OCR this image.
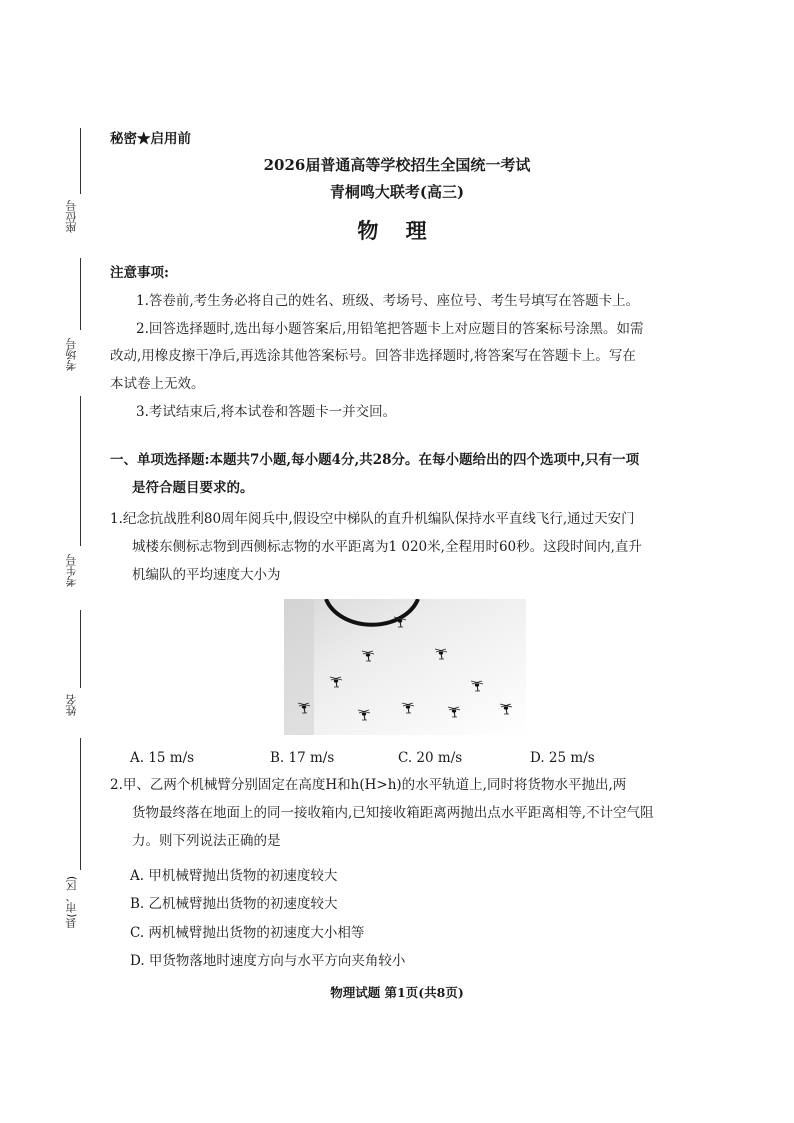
座位号
考场号
考生号
姓名
县(市、区)
秘密★启用前
2026届普通高等学校招生全国统一考试
青桐鸣大联考(高三)
物 理
注意事项:
1.答卷前,考生务必将自己的姓名、班级、考场号、座位号、考生号填写在答题卡上。
2.回答选择题时,选出每小题答案后,用铅笔把答题卡上对应题目的答案标号涂黑。如需
改动,用橡皮擦干净后,再选涂其他答案标号。回答非选择题时,将答案写在答题卡上。写在
本试卷上无效。
3.考试结束后,将本试卷和答题卡一并交回。
一、单项选择题:本题共7小题,每小题4分,共28分。在每小题给出的四个选项中,只有一项
是符合题目要求的。
1.纪念抗战胜利80周年阅兵中,假设空中梯队的直升机编队保持水平直线飞行,通过天安门
城楼东侧标志物到西侧标志物的水平距离为1 020米,全程用时60秒。这段时间内,直升
机编队的平均速度大小为
A. 15 m/s	B. 17 m/s	C. 20 m/s	D. 25 m/s
2.甲、乙两个机械臂分别固定在高度H和h(H>h)的水平轨道上,同时将货物水平抛出,两
货物最终落在地面上的同一接收箱内,已知接收箱距离两抛出点水平距离相等,不计空气阻
力。则下列说法正确的是
A. 甲机械臂抛出货物的初速度较大
B. 乙机械臂抛出货物的初速度较大
C. 两机械臂抛出货物的初速度大小相等
D. 甲货物落地时速度方向与水平方向夹角较小
物理试题 第1页(共8页)
